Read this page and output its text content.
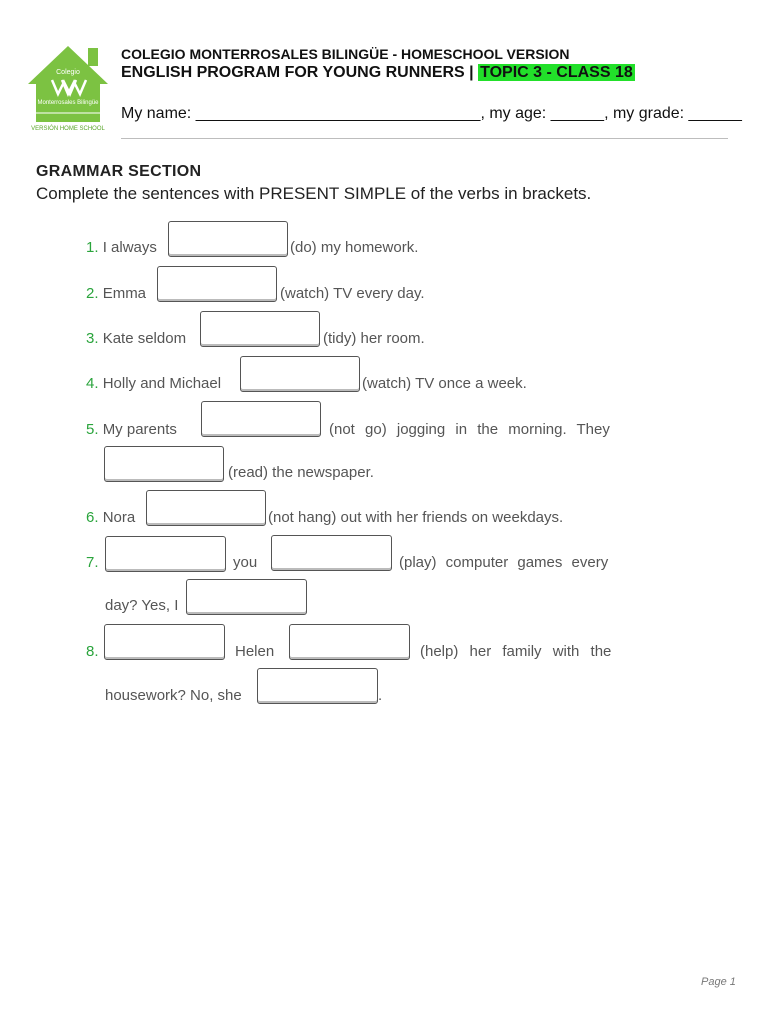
Colegio
Monterrosales Bilingüe
VERSIÓN HOME SCHOOL
COLEGIO MONTERROSALES BILINGÜE - HOMESCHOOL VERSION
ENGLISH PROGRAM FOR YOUNG RUNNERS | TOPIC 3 - CLASS 18
My name: ________________________________, my age: ______, my grade: ______
GRAMMAR SECTION
Complete the sentences with PRESENT SIMPLE of the verbs in brackets.
1. I always	(do) my homework.
2. Emma	(watch) TV every day.
3. Kate seldom	(tidy) her room.
4. Holly and Michael	(watch) TV once a week.
5. My parents	(not go) jogging in the morning. They
(read) the newspaper.
6. Nora	(not hang) out with her friends on weekdays.
7.	you	(play) computer games every
day? Yes, I
8.	Helen	(help) her family with the
housework? No, she	.
Page 1
